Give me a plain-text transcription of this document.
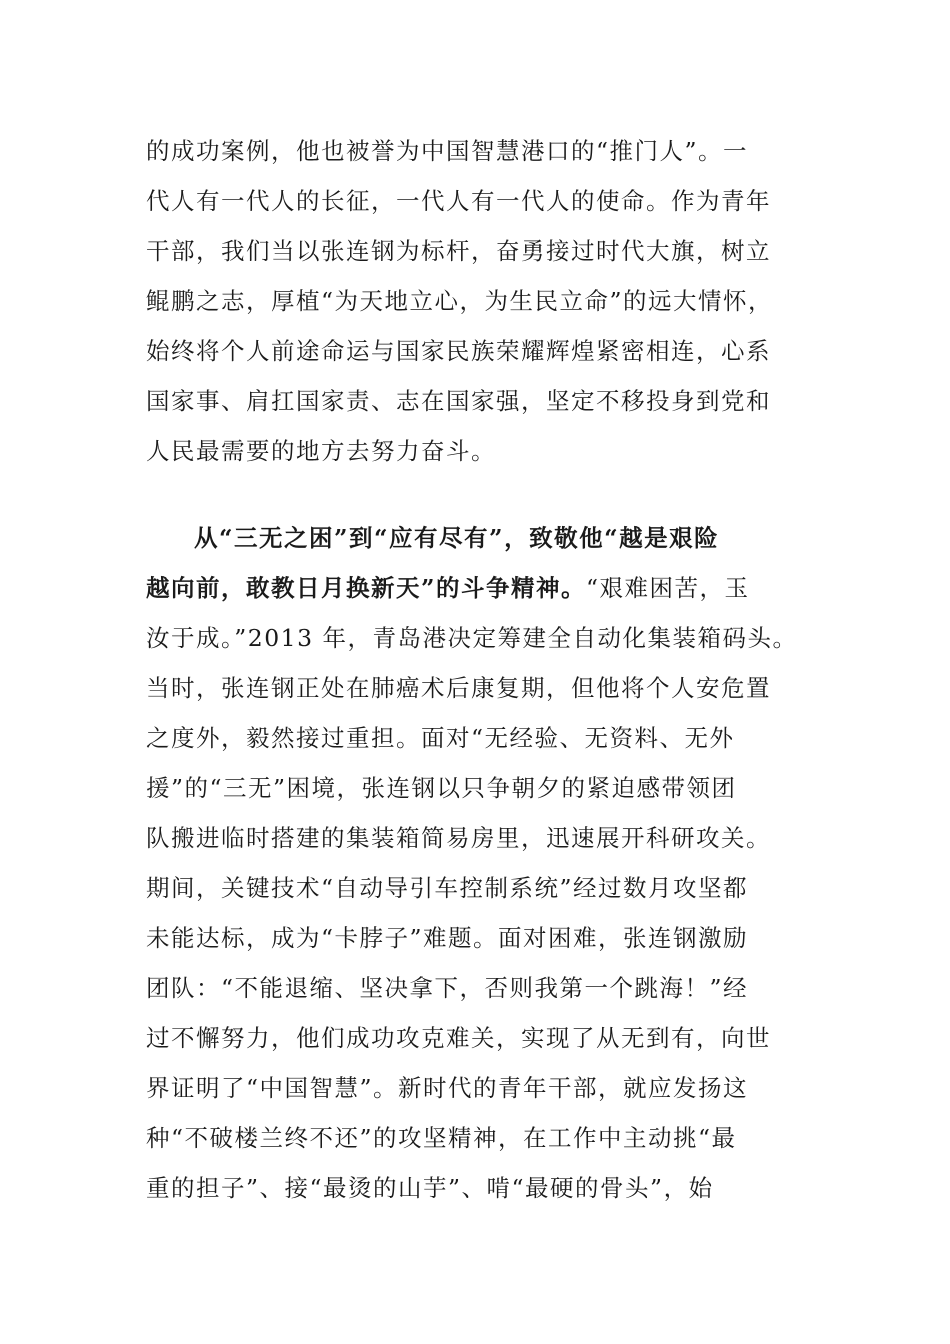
的成功案例，他也被誉为中国智慧港口的“推门人”。一
代人有一代人的长征，一代人有一代人的使命。作为青年
干部，我们当以张连钢为标杆，奋勇接过时代大旗，树立
鲲鹏之志，厚植“为天地立心，为生民立命”的远大情怀，
始终将个人前途命运与国家民族荣耀辉煌紧密相连，心系
国家事、肩扛国家责、志在国家强，坚定不移投身到党和
人民最需要的地方去努力奋斗。
从“三无之困”到“应有尽有”，致敬他“越是艰险
越向前，敢教日月换新天”的斗争精神。“艰难困苦，玉
汝于成。”2013 年，青岛港决定筹建全自动化集装箱码头。
当时，张连钢正处在肺癌术后康复期，但他将个人安危置
之度外，毅然接过重担。面对“无经验、无资料、无外
援”的“三无”困境，张连钢以只争朝夕的紧迫感带领团
队搬进临时搭建的集装箱简易房里，迅速展开科研攻关。
期间，关键技术“自动导引车控制系统”经过数月攻坚都
未能达标，成为“卡脖子”难题。面对困难，张连钢激励
团队：“不能退缩、坚决拿下，否则我第一个跳海！”经
过不懈努力，他们成功攻克难关，实现了从无到有，向世
界证明了“中国智慧”。新时代的青年干部，就应发扬这
种“不破楼兰终不还”的攻坚精神，在工作中主动挑“最
重的担子”、接“最烫的山芋”、啃“最硬的骨头”，始
